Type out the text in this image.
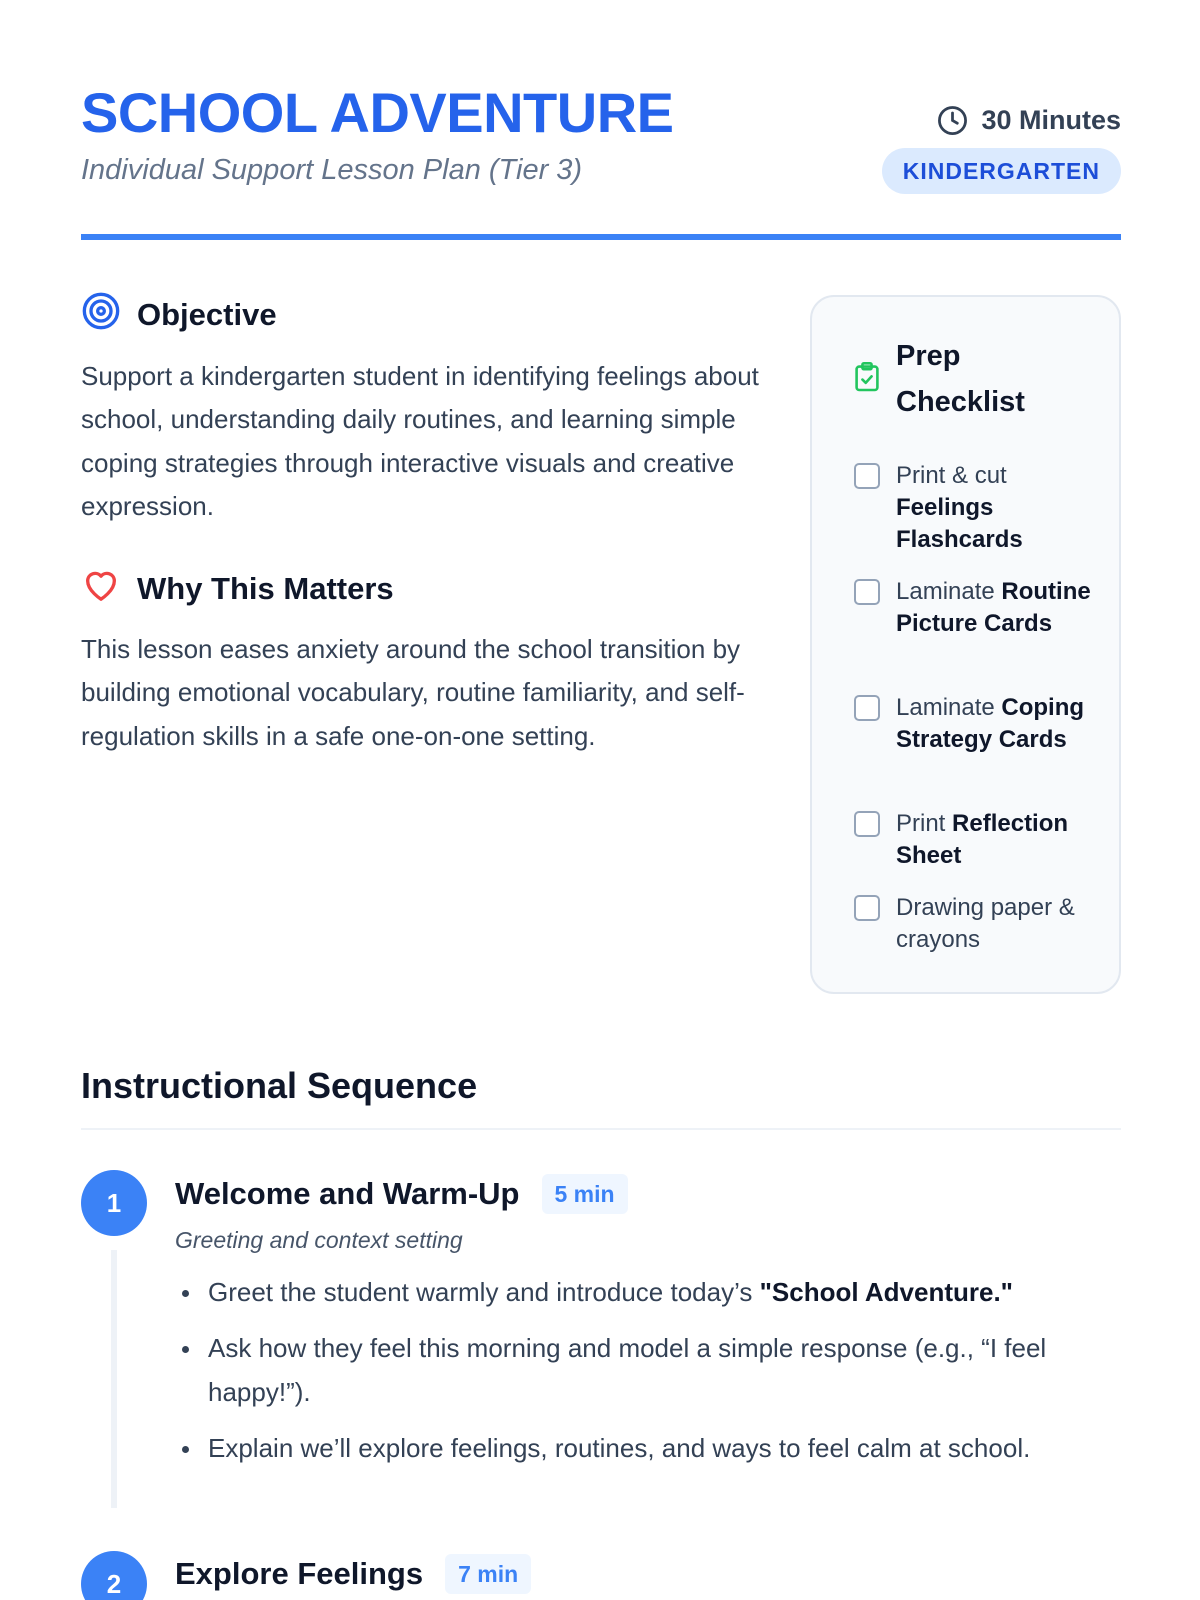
SCHOOL ADVENTURE
Individual Support Lesson Plan (Tier 3)
30 Minutes
KINDERGARTEN
Objective
Support a kindergarten student in identifying feelings about school, understanding daily routines, and learning simple coping strategies through interactive visuals and creative expression.
Why This Matters
This lesson eases anxiety around the school transition by building emotional vocabulary, routine familiarity, and self-regulation skills in a safe one-on-one setting.
Prep Checklist
Print & cut Feelings Flashcards
Laminate Routine Picture Cards
Laminate Coping Strategy Cards
Print Reflection Sheet
Drawing paper & crayons
Instructional Sequence
1	Welcome and Warm-Up	5 min
Greeting and context setting
Greet the student warmly and introduce today’s "School Adventure."
Ask how they feel this morning and model a simple response (e.g., “I feel happy!”).
Explain we’ll explore feelings, routines, and ways to feel calm at school.
2	Explore Feelings	7 min
